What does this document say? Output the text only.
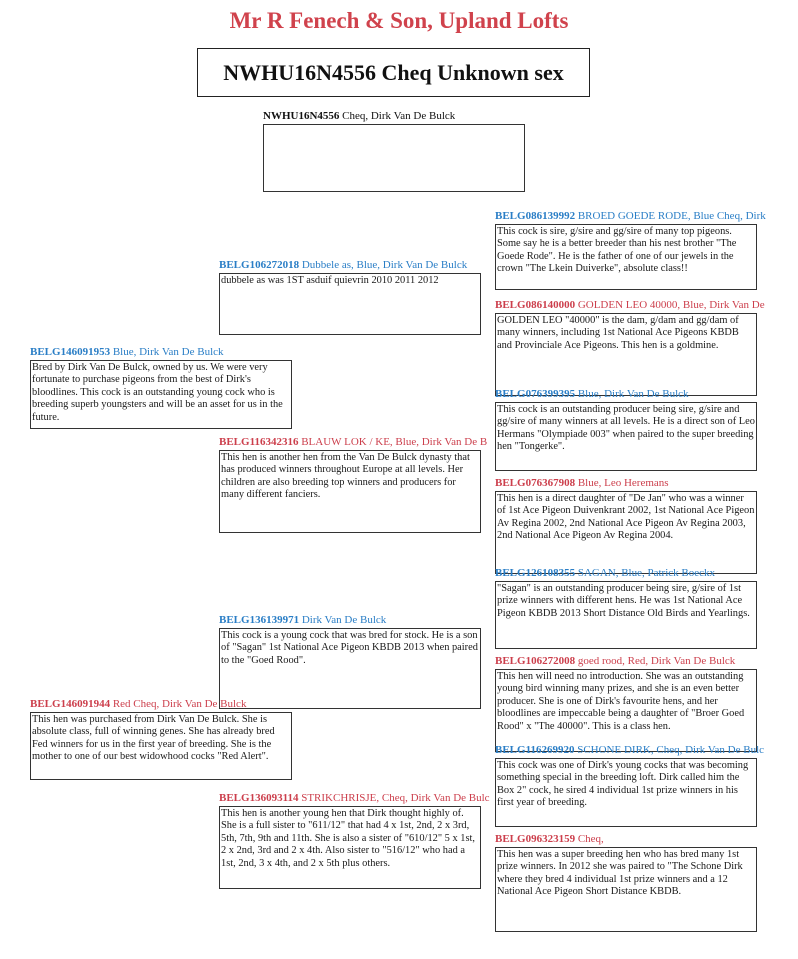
Mr R Fenech & Son, Upland Lofts
NWHU16N4556 Cheq Unknown sex
NWHU16N4556 Cheq, Dirk Van De Bulck
BELG146091953 Blue, Dirk Van De Bulck
Bred by Dirk Van De Bulck, owned by us. We were very fortunate to purchase pigeons from the best of Dirk's bloodlines. This cock is an outstanding young cock who is breeding superb youngsters and will be an asset for us in the future.
BELG146091944 Red Cheq, Dirk Van De Bulck
This hen was purchased from Dirk Van De Bulck. She is absolute class, full of winning genes. She has already bred Fed winners for us in the first year of breeding. She is the mother to one of our best widowhood cocks "Red Alert".
BELG106272018 Dubbele as, Blue, Dirk Van De Bulck
dubbele as was 1ST asduif quievrin 2010 2011 2012
BELG116342316 BLAUW LOK / KE, Blue, Dirk Van De B
This hen is another hen from the Van De Bulck dynasty that has produced winners throughout Europe at all levels. Her children are also breeding top winners and producers for many different fanciers.
BELG136139971 Dirk Van De Bulck
This cock is a young cock that was bred for stock. He is a son of "Sagan" 1st National Ace Pigeon KBDB 2013 when paired to the "Goed Rood".
BELG136093114 STRIKCHRISJE, Cheq, Dirk Van De Bulc
This hen is another young hen that Dirk thought highly of. She is a full sister to "611/12" that had 4 x 1st, 2nd, 2 x 3rd, 5th, 7th, 9th and 11th. She is also a sister of "610/12" 5 x 1st, 2 x 2nd, 3rd and 2 x 4th. Also sister to "516/12" who had a 1st, 2nd, 3 x 4th, and 2 x 5th plus others.
BELG086139992 BROED GOEDE RODE, Blue Cheq, Dirk
This cock is sire, g/sire and gg/sire of many top pigeons. Some say he is a better breeder than his nest brother "The Goede Rode". He is the father of one of our jewels in the crown "The Lkein Duiverke", absolute class!!
BELG086140000 GOLDEN LEO 40000, Blue, Dirk Van De
GOLDEN LEO "40000" is the dam, g/dam and gg/dam of many winners, including 1st National Ace Pigeons KBDB and Provinciale Ace Pigeons. This hen is a goldmine.
BELG076399395 Blue, Dirk Van De Bulck
This cock is an outstanding producer being sire, g/sire and gg/sire of many winners at all levels. He is a direct son of Leo Hermans "Olympiade 003" when paired to the super breeding hen "Tongerke".
BELG076367908 Blue, Leo Heremans
This hen is a direct daughter of "De Jan" who was a winner of 1st Ace Pigeon Duivenkrant 2002, 1st National Ace Pigeon Av Regina 2002, 2nd National Ace Pigeon Av Regina 2003, 2nd National Ace Pigeon Av Regina 2004.
BELG126108355 SAGAN, Blue, Patrick Boeckx
"Sagan" is an outstanding producer being sire, g/sire of 1st prize winners with different hens. He was 1st National Ace Pigeon KBDB 2013 Short Distance Old Birds and Yearlings.
BELG106272008 goed rood, Red, Dirk Van De Bulck
This hen will need no introduction. She was an outstanding young bird winning many prizes, and she is an even better producer. She is one of Dirk's favourite hens, and her bloodlines are impeccable being a daughter of "Broer Goed Rood" x "The 40000". This is a class hen.
BELG116269920 SCHONE DIRK, Cheq, Dirk Van De Bulc
This cock was one of Dirk's young cocks that was becoming something special in the breeding loft. Dirk called him the Box 2" cock, he sired 4 individual 1st prize winners in his first year of breeding.
BELG096323159 Cheq,
This hen was a super breeding hen who has bred many 1st prize winners. In 2012 she was paired to "The Schone Dirk where they bred 4 individual 1st prize winners and a 12 National Ace Pigeon Short Distance KBDB.
